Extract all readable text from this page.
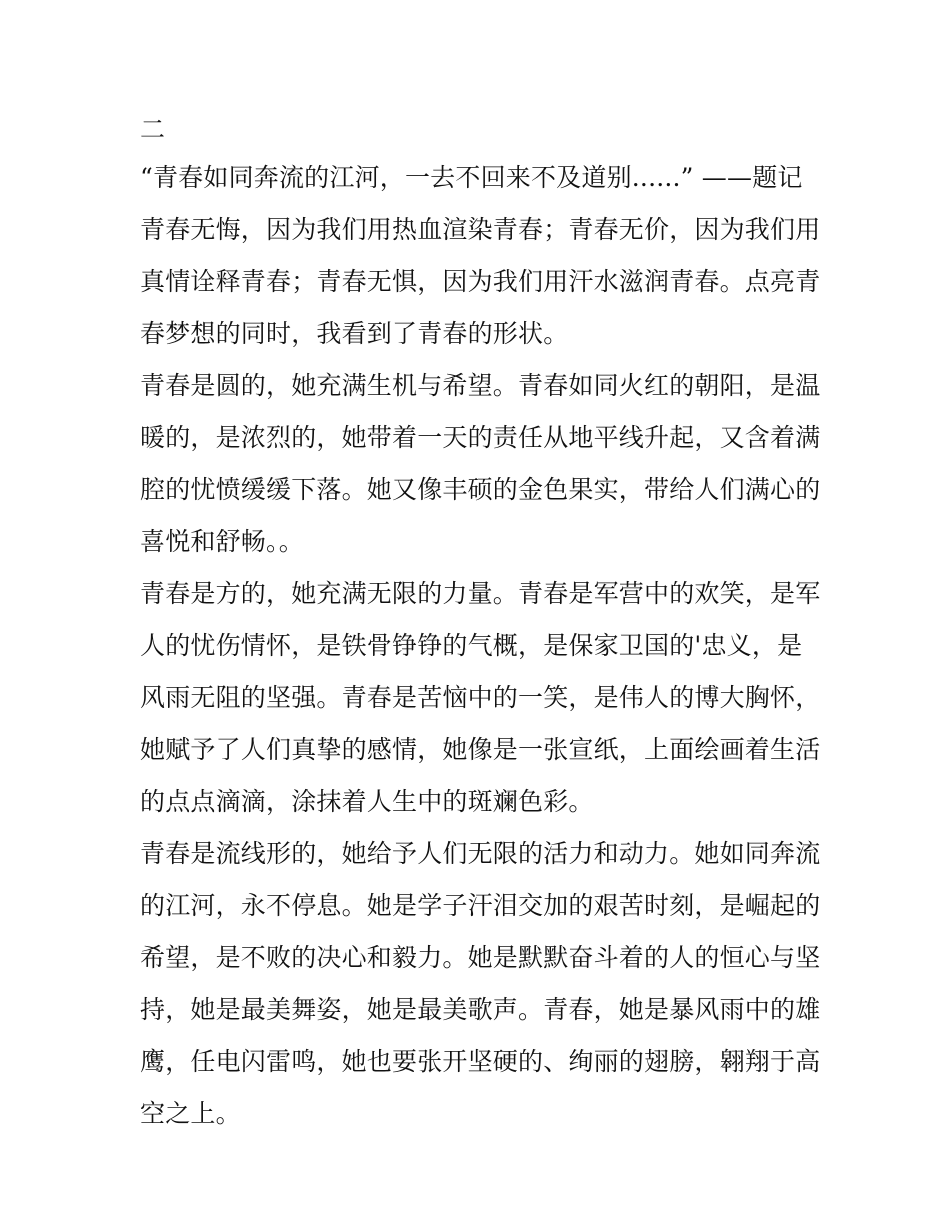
二
“青春如同奔流的江河，一去不回来不及道别......” ——题记
青春无悔，因为我们用热血渲染青春；青春无价，因为我们用
真情诠释青春；青春无惧，因为我们用汗水滋润青春。点亮青
春梦想的同时，我看到了青春的形状。
青春是圆的，她充满生机与希望。青春如同火红的朝阳，是温
暖的，是浓烈的，她带着一天的责任从地平线升起，又含着满
腔的忧愤缓缓下落。她又像丰硕的金色果实，带给人们满心的
喜悦和舒畅。。
青春是方的，她充满无限的力量。青春是军营中的欢笑，是军
人的忧伤情怀，是铁骨铮铮的气概，是保家卫国的'忠义，是
风雨无阻的坚强。青春是苦恼中的一笑，是伟人的博大胸怀，
她赋予了人们真挚的感情，她像是一张宣纸，上面绘画着生活
的点点滴滴，涂抹着人生中的斑斓色彩。
青春是流线形的，她给予人们无限的活力和动力。她如同奔流
的江河，永不停息。她是学子汗泪交加的艰苦时刻，是崛起的
希望，是不败的决心和毅力。她是默默奋斗着的人的恒心与坚
持，她是最美舞姿，她是最美歌声。青春，她是暴风雨中的雄
鹰，任电闪雷鸣，她也要张开坚硬的、绚丽的翅膀，翱翔于高
空之上。
